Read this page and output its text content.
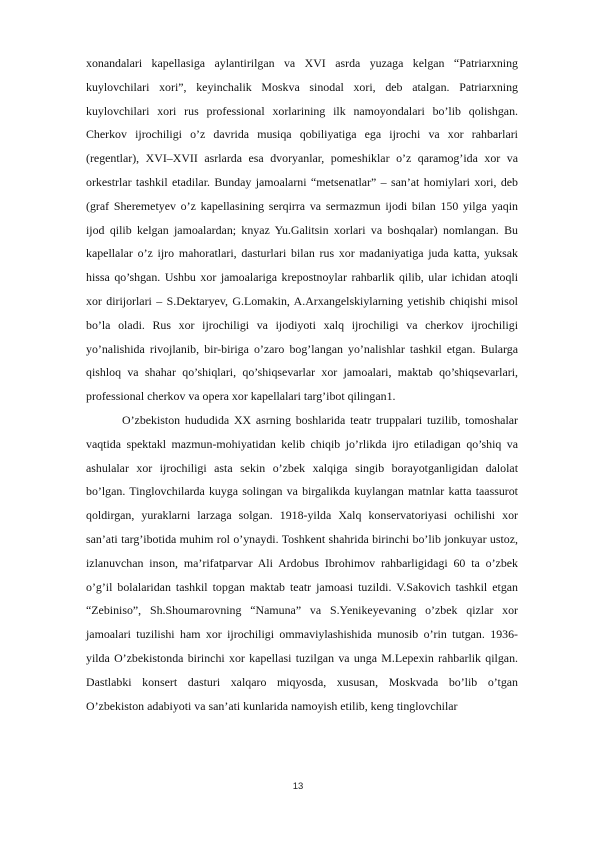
xonandalari kapellasiga aylantirilgan va XVI asrda yuzaga kelgan “Patriarxning kuylovchilari xori”, keyinchalik Moskva sinodal xori, deb atalgan. Patriarxning kuylovchilari xori rus professional xorlarining ilk namoyondalari bo’lib qolishgan. Cherkov ijrochiligi o’z davrida musiqa qobiliyatiga ega ijrochi va xor rahbarlari (regentlar), XVI–XVII asrlarda esa dvoryanlar, pomeshiklar o’z qaramog’ida xor va orkestrlar tashkil etadilar. Bunday jamoalarni “metsenatlar” – san’at homiylari xori, deb (graf Sheremetyev o’z kapellasining serqirra va sermazmun ijodi bilan 150 yilga yaqin ijod qilib kelgan jamoalardan; knyaz Yu.Galitsin xorlari va boshqalar) nomlangan. Bu kapellalar o’z ijro mahoratlari, dasturlari bilan rus xor madaniyatiga juda katta, yuksak hissa qo’shgan. Ushbu xor jamoalariga krepostnoylar rahbarlik qilib, ular ichidan atoqli xor dirijorlari – S.Dektaryev, G.Lomakin, A.Arxangelskiylarning yetishib chiqishi misol bo’la oladi. Rus xor ijrochiligi va ijodiyoti xalq ijrochiligi va cherkov ijrochiligi yo’nalishida rivojlanib, bir-biriga o’zaro bog’langan yo’nalishlar tashkil etgan. Bularga qishloq va shahar qo’shiqlari, qo’shiqsevarlar xor jamoalari, maktab qo’shiqsevarlari, professional cherkov va opera xor kapellalari targ’ibot qilingan1.

O’zbekiston hududida XX asrning boshlarida teatr truppalari tuzilib, tomoshalar vaqtida spektakl mazmun-mohiyatidan kelib chiqib jo’rlikda ijro etiladigan qo’shiq va ashulalar xor ijrochiligi asta sekin o’zbek xalqiga singib borayotganligidan dalolat bo’lgan. Tinglovchilarda kuyga solingan va birgalikda kuylangan matnlar katta taassurot qoldirgan, yuraklarni larzaga solgan. 1918-yilda Xalq konservatoriyasi ochilishi xor san’ati targ’ibotida muhim rol o’ynaydi. Toshkent shahrida birinchi bo’lib jonkuyar ustoz, izlanuvchan inson, ma’rifatparvar Ali Ardobus Ibrohimov rahbarligidagi 60 ta o’zbek o’g’il bolalaridan tashkil topgan maktab teatr jamoasi tuzildi. V.Sakovich tashkil etgan “Zebiniso”, Sh.Shoumarovning “Namuna” va S.Yenikeyevaning o’zbek qizlar xor jamoalari tuzilishi ham xor ijrochiligi ommaviylashishida munosib o’rin tutgan. 1936-yilda O’zbekistonda birinchi xor kapellasi tuzilgan va unga M.Lepexin rahbarlik qilgan. Dastlabki konsert dasturi xalqaro miqyosda, xususan, Moskvada bo’lib o’tgan O’zbekiston adabiyoti va san’ati kunlarida namoyish etilib, keng tinglovchilar

13
